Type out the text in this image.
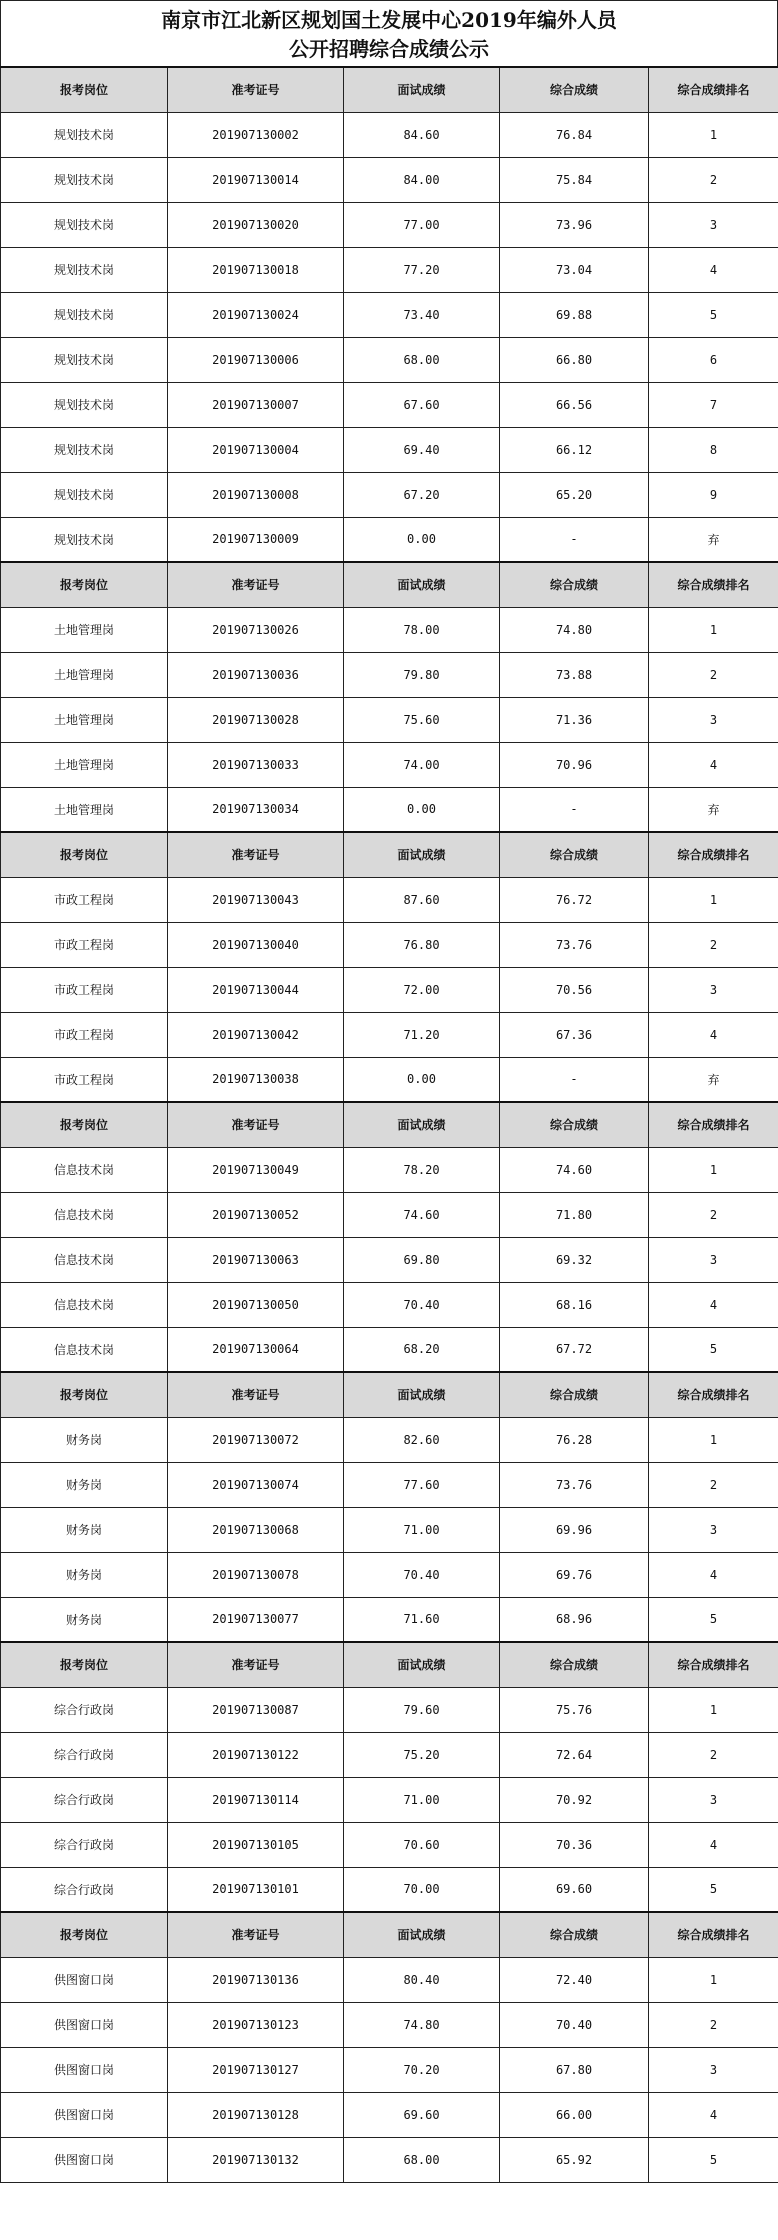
南京市江北新区规划国土发展中心2019年编外人员
公开招聘综合成绩公示
报考岗位	准考证号	面试成绩	综合成绩	综合成绩排名
规划技术岗	201907130002	84.60	76.84	1
规划技术岗	201907130014	84.00	75.84	2
规划技术岗	201907130020	77.00	73.96	3
规划技术岗	201907130018	77.20	73.04	4
规划技术岗	201907130024	73.40	69.88	5
规划技术岗	201907130006	68.00	66.80	6
规划技术岗	201907130007	67.60	66.56	7
规划技术岗	201907130004	69.40	66.12	8
规划技术岗	201907130008	67.20	65.20	9
规划技术岗	201907130009	0.00	-	弃
报考岗位	准考证号	面试成绩	综合成绩	综合成绩排名
土地管理岗	201907130026	78.00	74.80	1
土地管理岗	201907130036	79.80	73.88	2
土地管理岗	201907130028	75.60	71.36	3
土地管理岗	201907130033	74.00	70.96	4
土地管理岗	201907130034	0.00	-	弃
报考岗位	准考证号	面试成绩	综合成绩	综合成绩排名
市政工程岗	201907130043	87.60	76.72	1
市政工程岗	201907130040	76.80	73.76	2
市政工程岗	201907130044	72.00	70.56	3
市政工程岗	201907130042	71.20	67.36	4
市政工程岗	201907130038	0.00	-	弃
报考岗位	准考证号	面试成绩	综合成绩	综合成绩排名
信息技术岗	201907130049	78.20	74.60	1
信息技术岗	201907130052	74.60	71.80	2
信息技术岗	201907130063	69.80	69.32	3
信息技术岗	201907130050	70.40	68.16	4
信息技术岗	201907130064	68.20	67.72	5
报考岗位	准考证号	面试成绩	综合成绩	综合成绩排名
财务岗	201907130072	82.60	76.28	1
财务岗	201907130074	77.60	73.76	2
财务岗	201907130068	71.00	69.96	3
财务岗	201907130078	70.40	69.76	4
财务岗	201907130077	71.60	68.96	5
报考岗位	准考证号	面试成绩	综合成绩	综合成绩排名
综合行政岗	201907130087	79.60	75.76	1
综合行政岗	201907130122	75.20	72.64	2
综合行政岗	201907130114	71.00	70.92	3
综合行政岗	201907130105	70.60	70.36	4
综合行政岗	201907130101	70.00	69.60	5
报考岗位	准考证号	面试成绩	综合成绩	综合成绩排名
供图窗口岗	201907130136	80.40	72.40	1
供图窗口岗	201907130123	74.80	70.40	2
供图窗口岗	201907130127	70.20	67.80	3
供图窗口岗	201907130128	69.60	66.00	4
供图窗口岗	201907130132	68.00	65.92	5
